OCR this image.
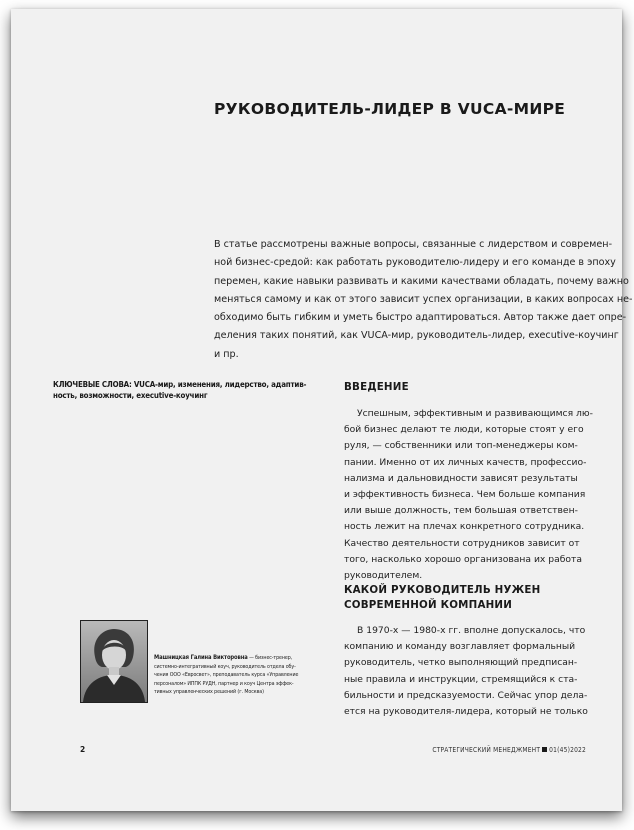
РУКОВОДИТЕЛЬ-ЛИДЕР В VUCA-МИРЕ
В статье рассмотрены важные вопросы, связанные с лидерством и современ-
ной бизнес-средой: как работать руководителю-лидеру и его команде в эпоху
перемен, какие навыки развивать и какими качествами обладать, почему важно
меняться самому и как от этого зависит успех организации, в каких вопросах не-
обходимо быть гибким и уметь быстро адаптироваться. Автор также дает опре-
деления таких понятий, как VUCA-мир, руководитель-лидер, executive-коучинг
и пр.
КЛЮЧЕВЫЕ СЛОВА: VUCA-мир, изменения, лидерство, адаптив-
ность, возможности, executive-коучинг
ВВЕДЕНИЕ
Успешным, эффективным и развивающимся лю-
бой бизнес делают те люди, которые стоят у его
руля, — собственники или топ-менеджеры ком-
пании. Именно от их личных качеств, профессио-
нализма и дальновидности зависят результаты
и эффективность бизнеса. Чем больше компания
или выше должность, тем большая ответствен-
ность лежит на плечах конкретного сотрудника.
Качество деятельности сотрудников зависит от
того, насколько хорошо организована их работа
руководителем.
КАКОЙ РУКОВОДИТЕЛЬ НУЖЕН
СОВРЕМЕННОЙ КОМПАНИИ
В 1970-х — 1980-х гг. вполне допускалось, что
компанию и команду возглавляет формальный
руководитель, четко выполняющий предписан-
ные правила и инструкции, стремящийся к ста-
бильности и предсказуемости. Сейчас упор дела-
ется на руководителя-лидера, который не только
Машницкая Галина Викторовна — бизнес-тренер,
системно-интегративный коуч, руководитель отдела обу-
чения ООО «Евросвет», преподаватель курса «Управление
персоналом» ИППК РУДН, партнер и коуч Центра эффек-
тивных управленческих решений (г. Москва)
2	СТРАТЕГИЧЕСКИЙ МЕНЕДЖМЕНТ 01(45)2022
